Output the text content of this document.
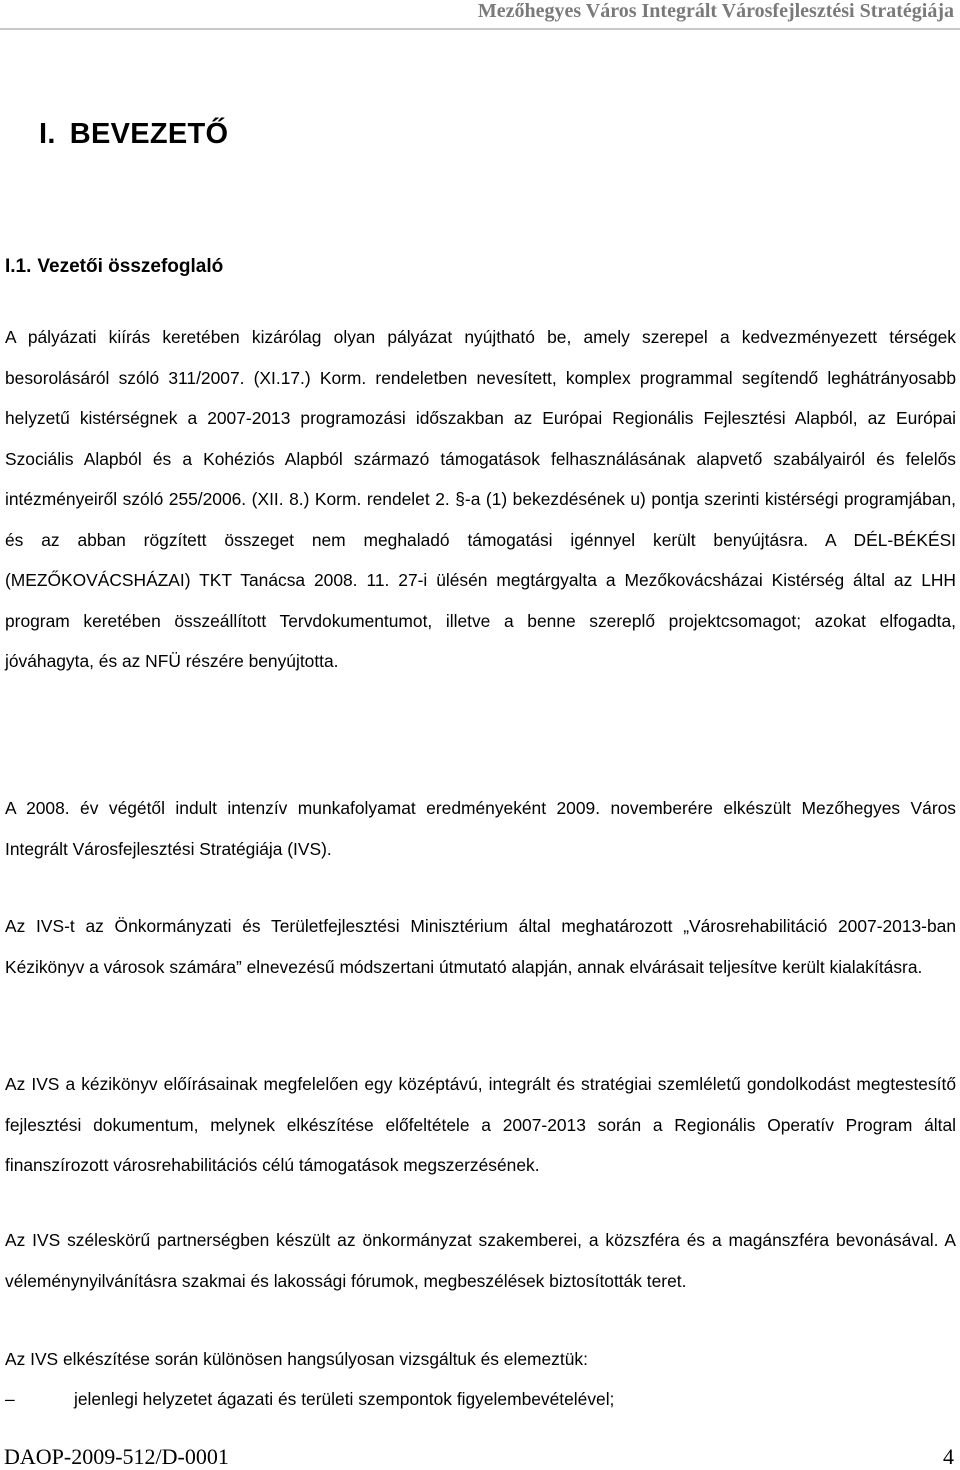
Mezőhegyes Város Integrált Városfejlesztési Stratégiája
I. BEVEZETŐ
I.1. Vezetői összefoglaló

A pályázati kiírás keretében kizárólag olyan pályázat nyújtható be, amely szerepel a kedvezményezett térségek besorolásáról szóló 311/2007. (XI.17.) Korm. rendeletben nevesített, komplex programmal segítendő leghátrányosabb helyzetű kistérségnek a 2007-2013 programozási időszakban az Európai Regionális Fejlesztési Alapból, az Európai Szociális Alapból és a Kohéziós Alapból származó támogatások felhasználásának alapvető szabályairól és felelős intézményeiről szóló 255/2006. (XII. 8.) Korm. rendelet 2. §-a (1) bekezdésének u) pontja szerinti kistérségi programjában, és az abban rögzített összeget nem meghaladó támogatási igénnyel került benyújtásra. A DÉL-BÉKÉSI (MEZŐKOVÁCSHÁZAI) TKT Tanácsa 2008. 11. 27-i ülésén megtárgyalta a Mezőkovácsházai Kistérség által az LHH program keretében összeállított Tervdokumentumot, illetve a benne szereplő projektcsomagot; azokat elfogadta, jóváhagyta, és az NFÜ részére benyújtotta.

A 2008. év végétől indult intenzív munkafolyamat eredményeként 2009. novemberére elkészült Mezőhegyes Város Integrált Városfejlesztési Stratégiája (IVS).

Az IVS-t az Önkormányzati és Területfejlesztési Minisztérium által meghatározott „Városrehabilitáció 2007-2013-ban Kézikönyv a városok számára” elnevezésű módszertani útmutató alapján, annak elvárásait teljesítve került kialakításra.

Az IVS a kézikönyv előírásainak megfelelően egy középtávú, integrált és stratégiai szemléletű gondolkodást megtestesítő fejlesztési dokumentum, melynek elkészítése előfeltétele a 2007-2013 során a Regionális Operatív Program által finanszírozott városrehabilitációs célú támogatások megszerzésének.

Az IVS széleskörű partnerségben készült az önkormányzat szakemberei, a közszféra és a magánszféra bevonásával. A véleménynyilvánításra szakmai és lakossági fórumok, megbeszélések biztosították teret.

Az IVS elkészítése során különösen hangsúlyosan vizsgáltuk és elemeztük:

–	jelenlegi helyzetet ágazati és területi szempontok figyelembevételével;
DAOP-2009-512/D-0001	4
